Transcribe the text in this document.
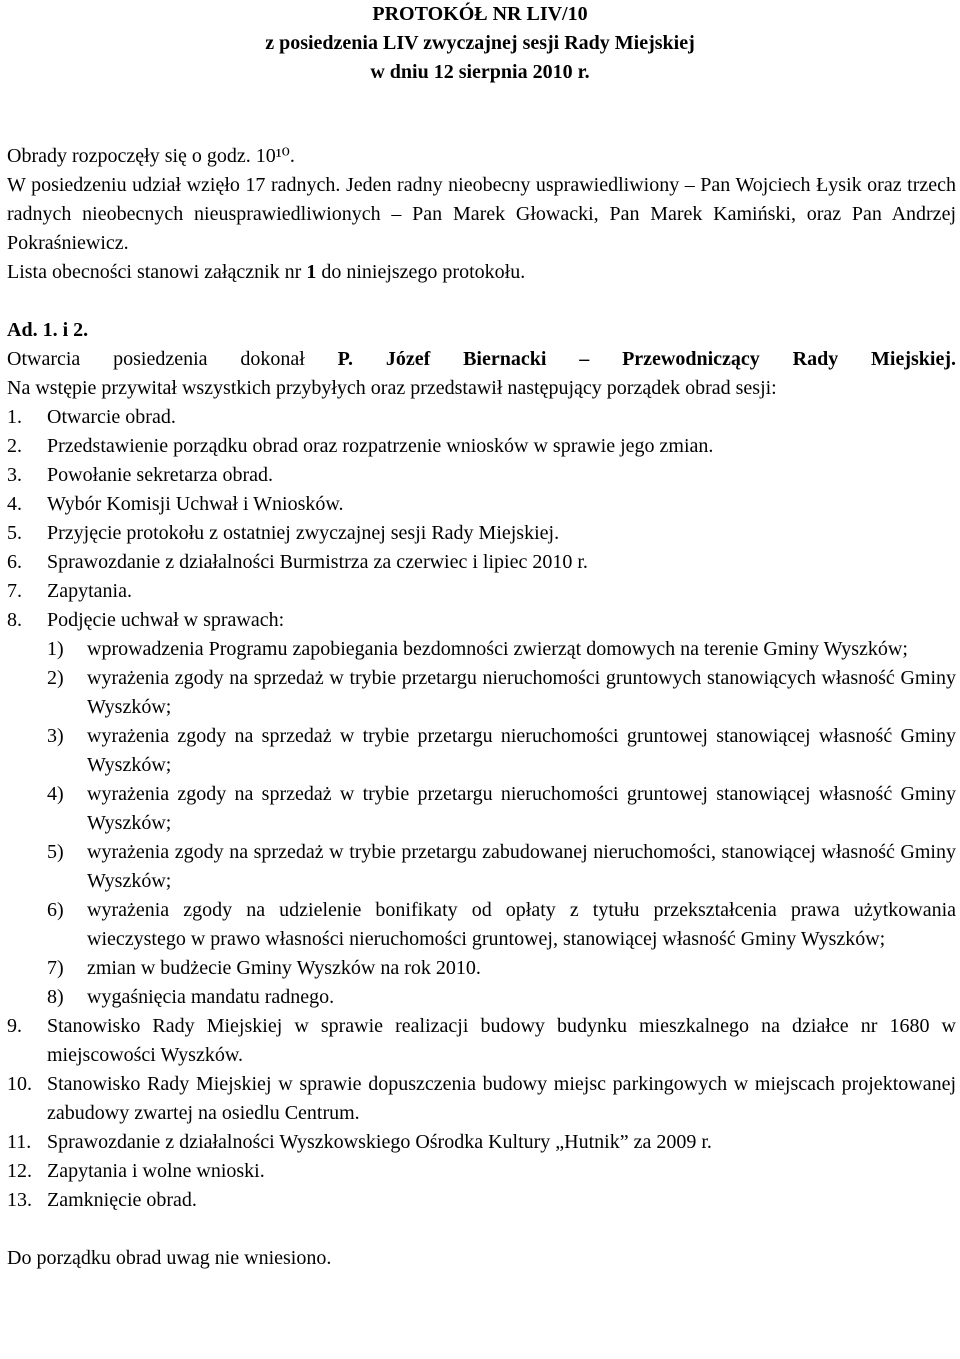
PROTOKÓŁ NR LIV/10
z posiedzenia LIV zwyczajnej sesji Rady Miejskiej
w dniu 12 sierpnia 2010 r.

Obrady rozpoczęły się o godz. 10¹⁰.

W posiedzeniu udział wzięło 17 radnych. Jeden radny nieobecny usprawiedliwiony – Pan Wojciech Łysik oraz trzech radnych nieobecnych nieusprawiedliwionych – Pan Marek Głowacki, Pan Marek Kamiński, oraz Pan Andrzej Pokraśniewicz.

Lista obecności stanowi załącznik nr 1 do niniejszego protokołu.

Ad. 1. i 2.

Otwarcia posiedzenia dokonał P. Józef Biernacki – Przewodniczący Rady Miejskiej.

Na wstępie przywitał wszystkich przybyłych oraz przedstawił następujący porządek obrad sesji:

1.	Otwarcie obrad.
2.	Przedstawienie porządku obrad oraz rozpatrzenie wniosków w sprawie jego zmian.
3.	Powołanie sekretarza obrad.
4.	Wybór Komisji Uchwał i Wniosków.
5.	Przyjęcie protokołu z ostatniej zwyczajnej sesji Rady Miejskiej.
6.	Sprawozdanie z działalności Burmistrza za czerwiec i lipiec 2010 r.
7.	Zapytania.
8.	Podjęcie uchwał w sprawach:
1)	wprowadzenia Programu zapobiegania bezdomności zwierząt domowych na terenie Gminy Wyszków;
2)	wyrażenia zgody na sprzedaż w trybie przetargu nieruchomości gruntowych stanowiących własność Gminy Wyszków;
3)	wyrażenia zgody na sprzedaż w trybie przetargu nieruchomości gruntowej stanowiącej własność Gminy Wyszków;
4)	wyrażenia zgody na sprzedaż w trybie przetargu nieruchomości gruntowej stanowiącej własność Gminy Wyszków;
5)	wyrażenia zgody na sprzedaż w trybie przetargu zabudowanej nieruchomości, stanowiącej własność Gminy Wyszków;
6)	wyrażenia zgody na udzielenie bonifikaty od opłaty z tytułu przekształcenia prawa użytkowania wieczystego w prawo własności nieruchomości gruntowej, stanowiącej własność Gminy Wyszków;
7)	zmian w budżecie Gminy Wyszków na rok 2010.
8)	wygaśnięcia mandatu radnego.
9.	Stanowisko Rady Miejskiej w sprawie realizacji budowy budynku mieszkalnego na działce nr 1680 w miejscowości Wyszków.
10. Stanowisko Rady Miejskiej w sprawie dopuszczenia budowy miejsc parkingowych w miejscach projektowanej zabudowy zwartej na osiedlu Centrum.
11. Sprawozdanie z działalności Wyszkowskiego Ośrodka Kultury „Hutnik” za 2009 r.
12. Zapytania i wolne wnioski.
13. Zamknięcie obrad.

Do porządku obrad uwag nie wniesiono.
